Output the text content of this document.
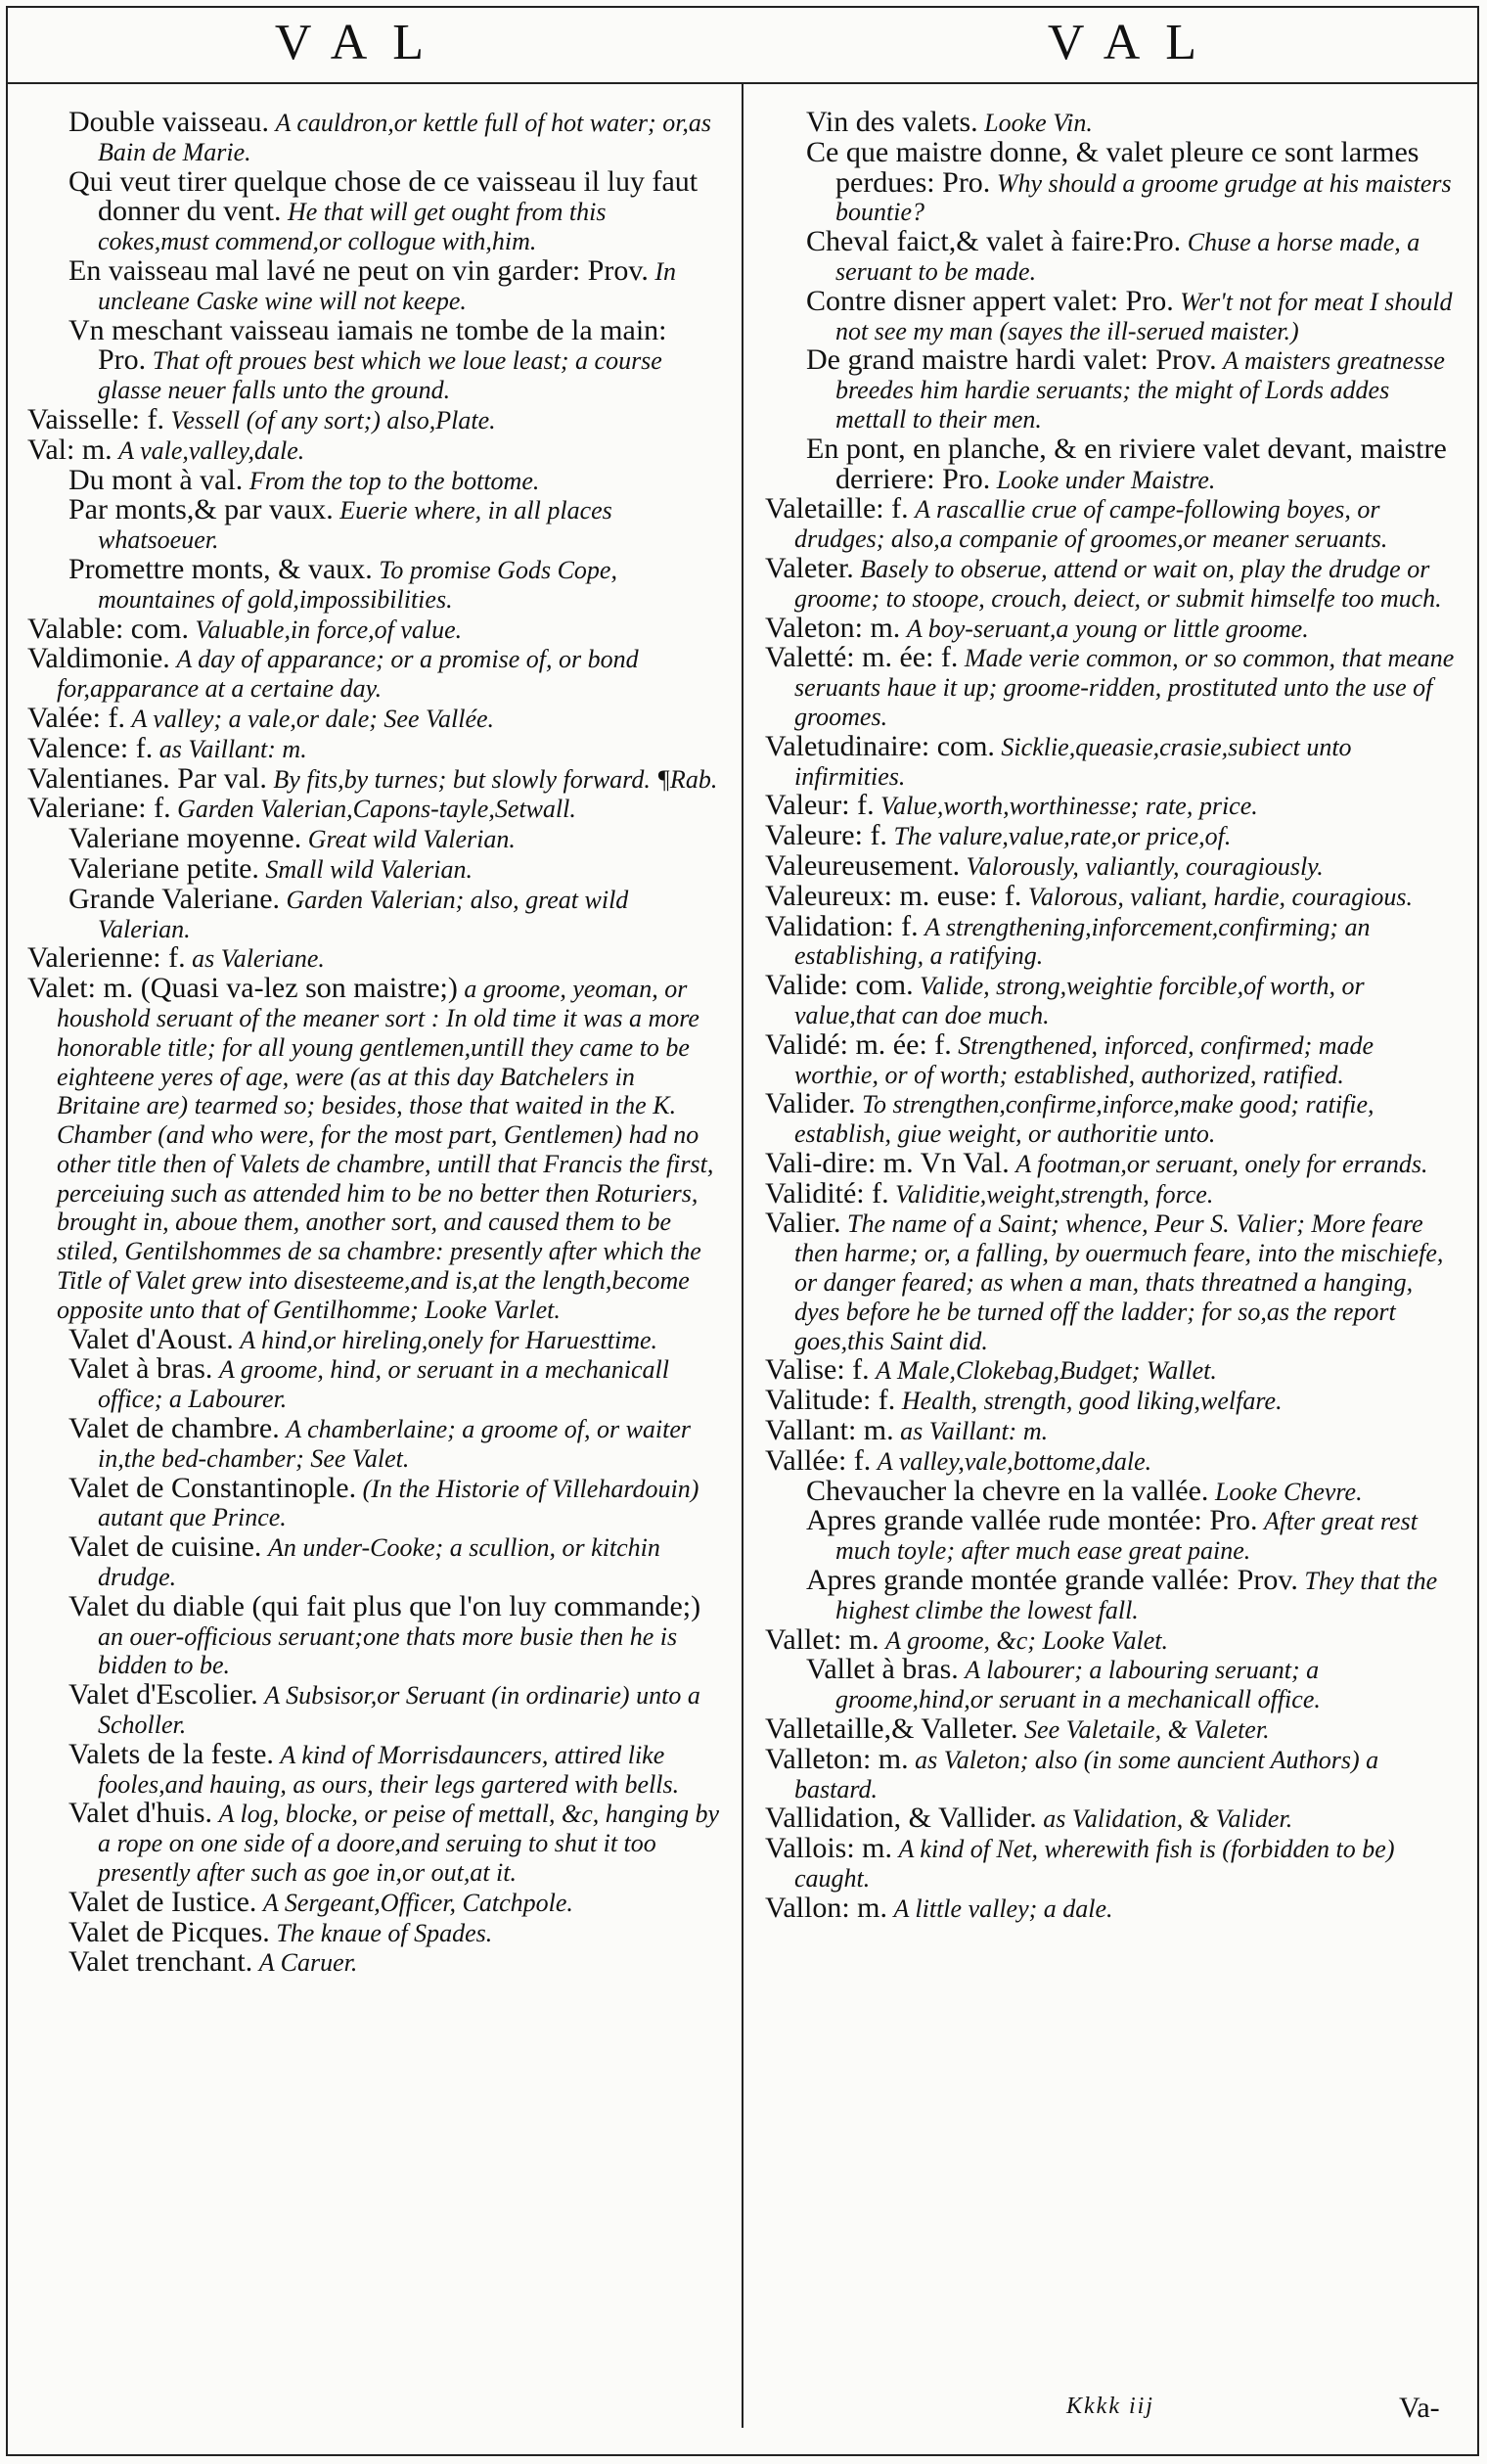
VAL	VAL

Double vaisseau. A cauldron,or kettle full of hot water; or,as Bain de Marie.

Qui veut tirer quelque chose de ce vaisseau il luy faut donner du vent. He that will get ought from this cokes,must commend,or collogue with,him.

En vaisseau mal lavé ne peut on vin garder: Prov. In uncleane Caske wine will not keepe.

Vn meschant vaisseau iamais ne tombe de la main: Pro. That oft proues best which we loue least; a course glasse neuer falls unto the ground.

Vaisselle: f. Vessell (of any sort;) also,Plate.

Val: m. A vale,valley,dale.

Du mont à val. From the top to the bottome.

Par monts,& par vaux. Euerie where, in all places whatsoeuer.

Promettre monts, & vaux. To promise Gods Cope, mountaines of gold,impossibilities.

Valable: com. Valuable,in force,of value.

Valdimonie. A day of apparance; or a promise of, or bond for,apparance at a certaine day.

Valée: f. A valley; a vale,or dale; See Vallée.

Valence: f. as Vaillant: m.

Valentianes. Par val. By fits,by turnes; but slowly forward. ¶Rab.

Valeriane: f. Garden Valerian,Capons-tayle,Setwall.

Valeriane moyenne. Great wild Valerian.

Valeriane petite. Small wild Valerian.

Grande Valeriane. Garden Valerian; also, great wild Valerian.

Valerienne: f. as Valeriane.

Valet: m. (Quasi va-lez son maistre;) a groome, yeoman, or houshold seruant of the meaner sort : In old time it was a more honorable title; for all young gentlemen,untill they came to be eighteene yeres of age, were (as at this day Batchelers in Britaine are) tearmed so; besides, those that waited in the K. Chamber (and who were, for the most part, Gentlemen) had no other title then of Valets de chambre, untill that Francis the first, perceiuing such as attended him to be no better then Roturiers, brought in, aboue them, another sort, and caused them to be stiled, Gentilshommes de sa chambre: presently after which the Title of Valet grew into disesteeme,and is,at the length,become opposite unto that of Gentilhomme; Looke Varlet.

Valet d'Aoust. A hind,or hireling,onely for Haruesttime.

Valet à bras. A groome, hind, or seruant in a mechanicall office; a Labourer.

Valet de chambre. A chamberlaine; a groome of, or waiter in,the bed-chamber; See Valet.

Valet de Constantinople. (In the Historie of Villehardouin) autant que Prince.

Valet de cuisine. An under-Cooke; a scullion, or kitchin drudge.

Valet du diable (qui fait plus que l'on luy commande;) an ouer-officious seruant;one thats more busie then he is bidden to be.

Valet d'Escolier. A Subsisor,or Seruant (in ordinarie) unto a Scholler.

Valets de la feste. A kind of Morrisdauncers, attired like fooles,and hauing, as ours, their legs gartered with bells.

Valet d'huis. A log, blocke, or peise of mettall, &c, hanging by a rope on one side of a doore,and seruing to shut it too presently after such as goe in,or out,at it.

Valet de Iustice. A Sergeant,Officer, Catchpole.

Valet de Picques. The knaue of Spades.

Valet trenchant. A Caruer.

Vin des valets. Looke Vin.

Ce que maistre donne, & valet pleure ce sont larmes perdues: Pro. Why should a groome grudge at his maisters bountie?

Cheval faict,& valet à faire:Pro. Chuse a horse made, a seruant to be made.

Contre disner appert valet: Pro. Wer't not for meat I should not see my man (sayes the ill-serued maister.)

De grand maistre hardi valet: Prov. A maisters greatnesse breedes him hardie seruants; the might of Lords addes mettall to their men.

En pont, en planche, & en riviere valet devant, maistre derriere: Pro. Looke under Maistre.

Valetaille: f. A rascallie crue of campe-following boyes, or drudges; also,a companie of groomes,or meaner seruants.

Valeter. Basely to obserue, attend or wait on, play the drudge or groome; to stoope, crouch, deiect, or submit himselfe too much.

Valeton: m. A boy-seruant,a young or little groome.

Valetté: m. ée: f. Made verie common, or so common, that meane seruants haue it up; groome-ridden, prostituted unto the use of groomes.

Valetudinaire: com. Sicklie,queasie,crasie,subiect unto infirmities.

Valeur: f. Value,worth,worthinesse; rate, price.

Valeure: f. The valure,value,rate,or price,of.

Valeureusement. Valorously, valiantly, couragiously.

Valeureux: m. euse: f. Valorous, valiant, hardie, couragious.

Validation: f. A strengthening,inforcement,confirming; an establishing, a ratifying.

Valide: com. Valide, strong,weightie forcible,of worth, or value,that can doe much.

Validé: m. ée: f. Strengthened, inforced, confirmed; made worthie, or of worth; established, authorized, ratified.

Valider. To strengthen,confirme,inforce,make good; ratifie, establish, giue weight, or authoritie unto.

Vali-dire: m. Vn Val. A footman,or seruant, onely for errands.

Validité: f. Validitie,weight,strength, force.

Valier. The name of a Saint; whence, Peur S. Valier; More feare then harme; or, a falling, by ouermuch feare, into the mischiefe, or danger feared; as when a man, thats threatned a hanging, dyes before he be turned off the ladder; for so,as the report goes,this Saint did.

Valise: f. A Male,Clokebag,Budget; Wallet.

Valitude: f. Health, strength, good liking,welfare.

Vallant: m. as Vaillant: m.

Vallée: f. A valley,vale,bottome,dale.

Chevaucher la chevre en la vallée. Looke Chevre.

Apres grande vallée rude montée: Pro. After great rest much toyle; after much ease great paine.

Apres grande montée grande vallée: Prov. They that the highest climbe the lowest fall.

Vallet: m. A groome, &c; Looke Valet.

Vallet à bras. A labourer; a labouring seruant; a groome,hind,or seruant in a mechanicall office.

Valletaille,& Valleter. See Valetaile, & Valeter.

Valleton: m. as Valeton; also (in some auncient Authors) a bastard.

Vallidation, & Vallider. as Validation, & Valider.

Vallois: m. A kind of Net, wherewith fish is (forbidden to be) caught.

Vallon: m. A little valley; a dale.

Kkkk iij	Va-
